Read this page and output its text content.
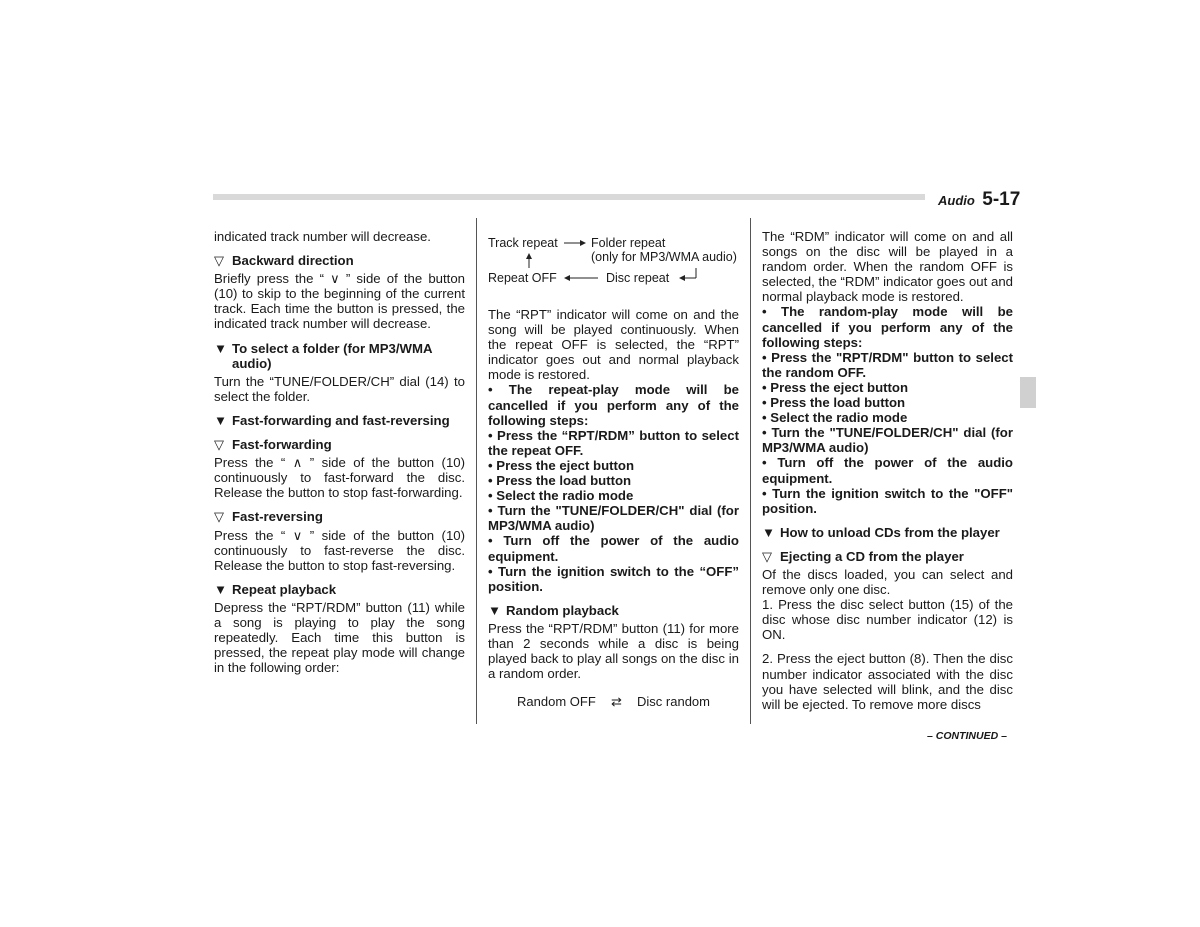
Audio 5-17

indicated track number will decrease.

▽ Backward direction

Briefly press the “ ∨ ” side of the button (10) to skip to the beginning of the current track. Each time the button is pressed, the indicated track number will decrease.

▼ To select a folder (for MP3/WMA audio)

Turn the “TUNE/FOLDER/CH” dial (14) to select the folder.

▼ Fast-forwarding and fast-reversing
▽ Fast-forwarding

Press the “ ∧ ” side of the button (10) continuously to fast-forward the disc. Release the button to stop fast-forwarding.

▽ Fast-reversing

Press the “ ∨ ” side of the button (10) continuously to fast-reverse the disc. Release the button to stop fast-reversing.

▼ Repeat playback

Depress the “RPT/RDM” button (11) while a song is playing to play the song repeatedly. Each time this button is pressed, the repeat play mode will change in the following order:

Track repeat	Folder repeat
(only for MP3/WMA audio)
Repeat OFF	Disc repeat

The “RPT” indicator will come on and the song will be played continuously. When the repeat OFF is selected, the “RPT” indicator goes out and normal playback mode is restored.

• The repeat-play mode will be cancelled if you perform any of the following steps:

• Press the “RPT/RDM” button to select the repeat OFF.

• Press the eject button

• Press the load button

• Select the radio mode

• Turn the "TUNE/FOLDER/CH" dial (for MP3/WMA audio)

• Turn off the power of the audio equipment.

• Turn the ignition switch to the “OFF” position.

▼ Random playback

Press the “RPT/RDM” button (11) for more than 2 seconds while a disc is being played back to play all songs on the disc in a random order.

Random OFF ⇄ Disc random

The “RDM” indicator will come on and all songs on the disc will be played in a random order. When the random OFF is selected, the “RDM” indicator goes out and normal playback mode is restored.

• The random-play mode will be cancelled if you perform any of the following steps:

• Press the "RPT/RDM" button to select the random OFF.

• Press the eject button

• Press the load button

• Select the radio mode

• Turn the "TUNE/FOLDER/CH" dial (for MP3/WMA audio)

• Turn off the power of the audio equipment.

• Turn the ignition switch to the "OFF" position.

▼ How to unload CDs from the player
▽ Ejecting a CD from the player

Of the discs loaded, you can select and remove only one disc.

1. Press the disc select button (15) of the disc whose disc number indicator (12) is ON.

2. Press the eject button (8). Then the disc number indicator associated with the disc you have selected will blink, and the disc will be ejected. To remove more discs

– CONTINUED –
